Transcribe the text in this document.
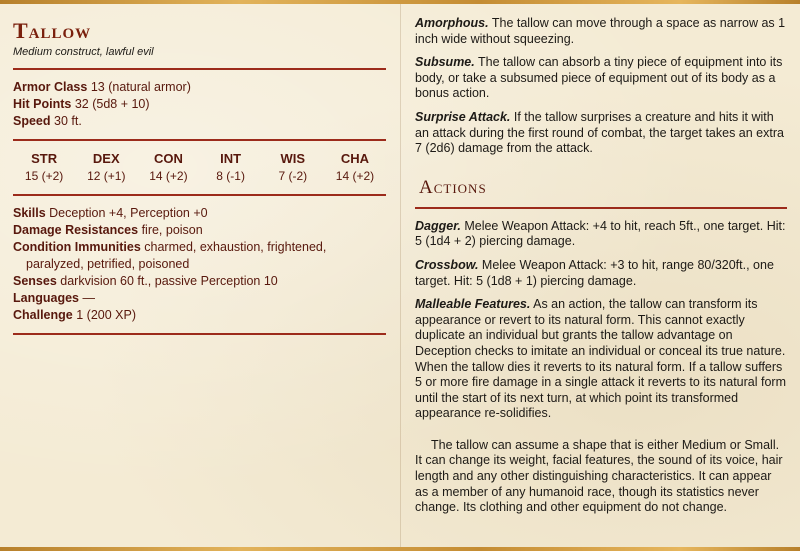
Tallow
Medium construct, lawful evil
Armor Class 13 (natural armor)
Hit Points 32 (5d8 + 10)
Speed 30 ft.
STR
15 (+2)
DEX
12 (+1)
CON
14 (+2)
INT
8 (-1)
WIS
7 (-2)
CHA
14 (+2)
Skills Deception +4, Perception +0
Damage Resistances fire, poison
Condition Immunities charmed, exhaustion, frightened, paralyzed, petrified, poisoned
Senses darkvision 60 ft., passive Perception 10
Languages —
Challenge 1 (200 XP)

Amorphous. The tallow can move through a space as narrow as 1 inch wide without squeezing.

Subsume. The tallow can absorb a tiny piece of equipment into its body, or take a subsumed piece of equipment out of its body as a bonus action.

Surprise Attack. If the tallow surprises a creature and hits it with an attack during the first round of combat, the target takes an extra 7 (2d6) damage from the attack.

Actions

Dagger. Melee Weapon Attack: +4 to hit, reach 5ft., one target. Hit: 5 (1d4 + 2) piercing damage.

Crossbow. Melee Weapon Attack: +3 to hit, range 80/320ft., one target. Hit: 5 (1d8 + 1) piercing damage.

Malleable Features. As an action, the tallow can transform its appearance or revert to its natural form. This cannot exactly duplicate an individual but grants the tallow advantage on Deception checks to imitate an individual or conceal its true nature. When the tallow dies it reverts to its natural form. If a tallow suffers 5 or more fire damage in a single attack it reverts to its natural form until the start of its next turn, at which point its transformed appearance re-solidifies.

The tallow can assume a shape that is either Medium or Small. It can change its weight, facial features, the sound of its voice, hair length and any other distinguishing characteristics. It can appear as a member of any humanoid race, though its statistics never change. Its clothing and other equipment do not change.
